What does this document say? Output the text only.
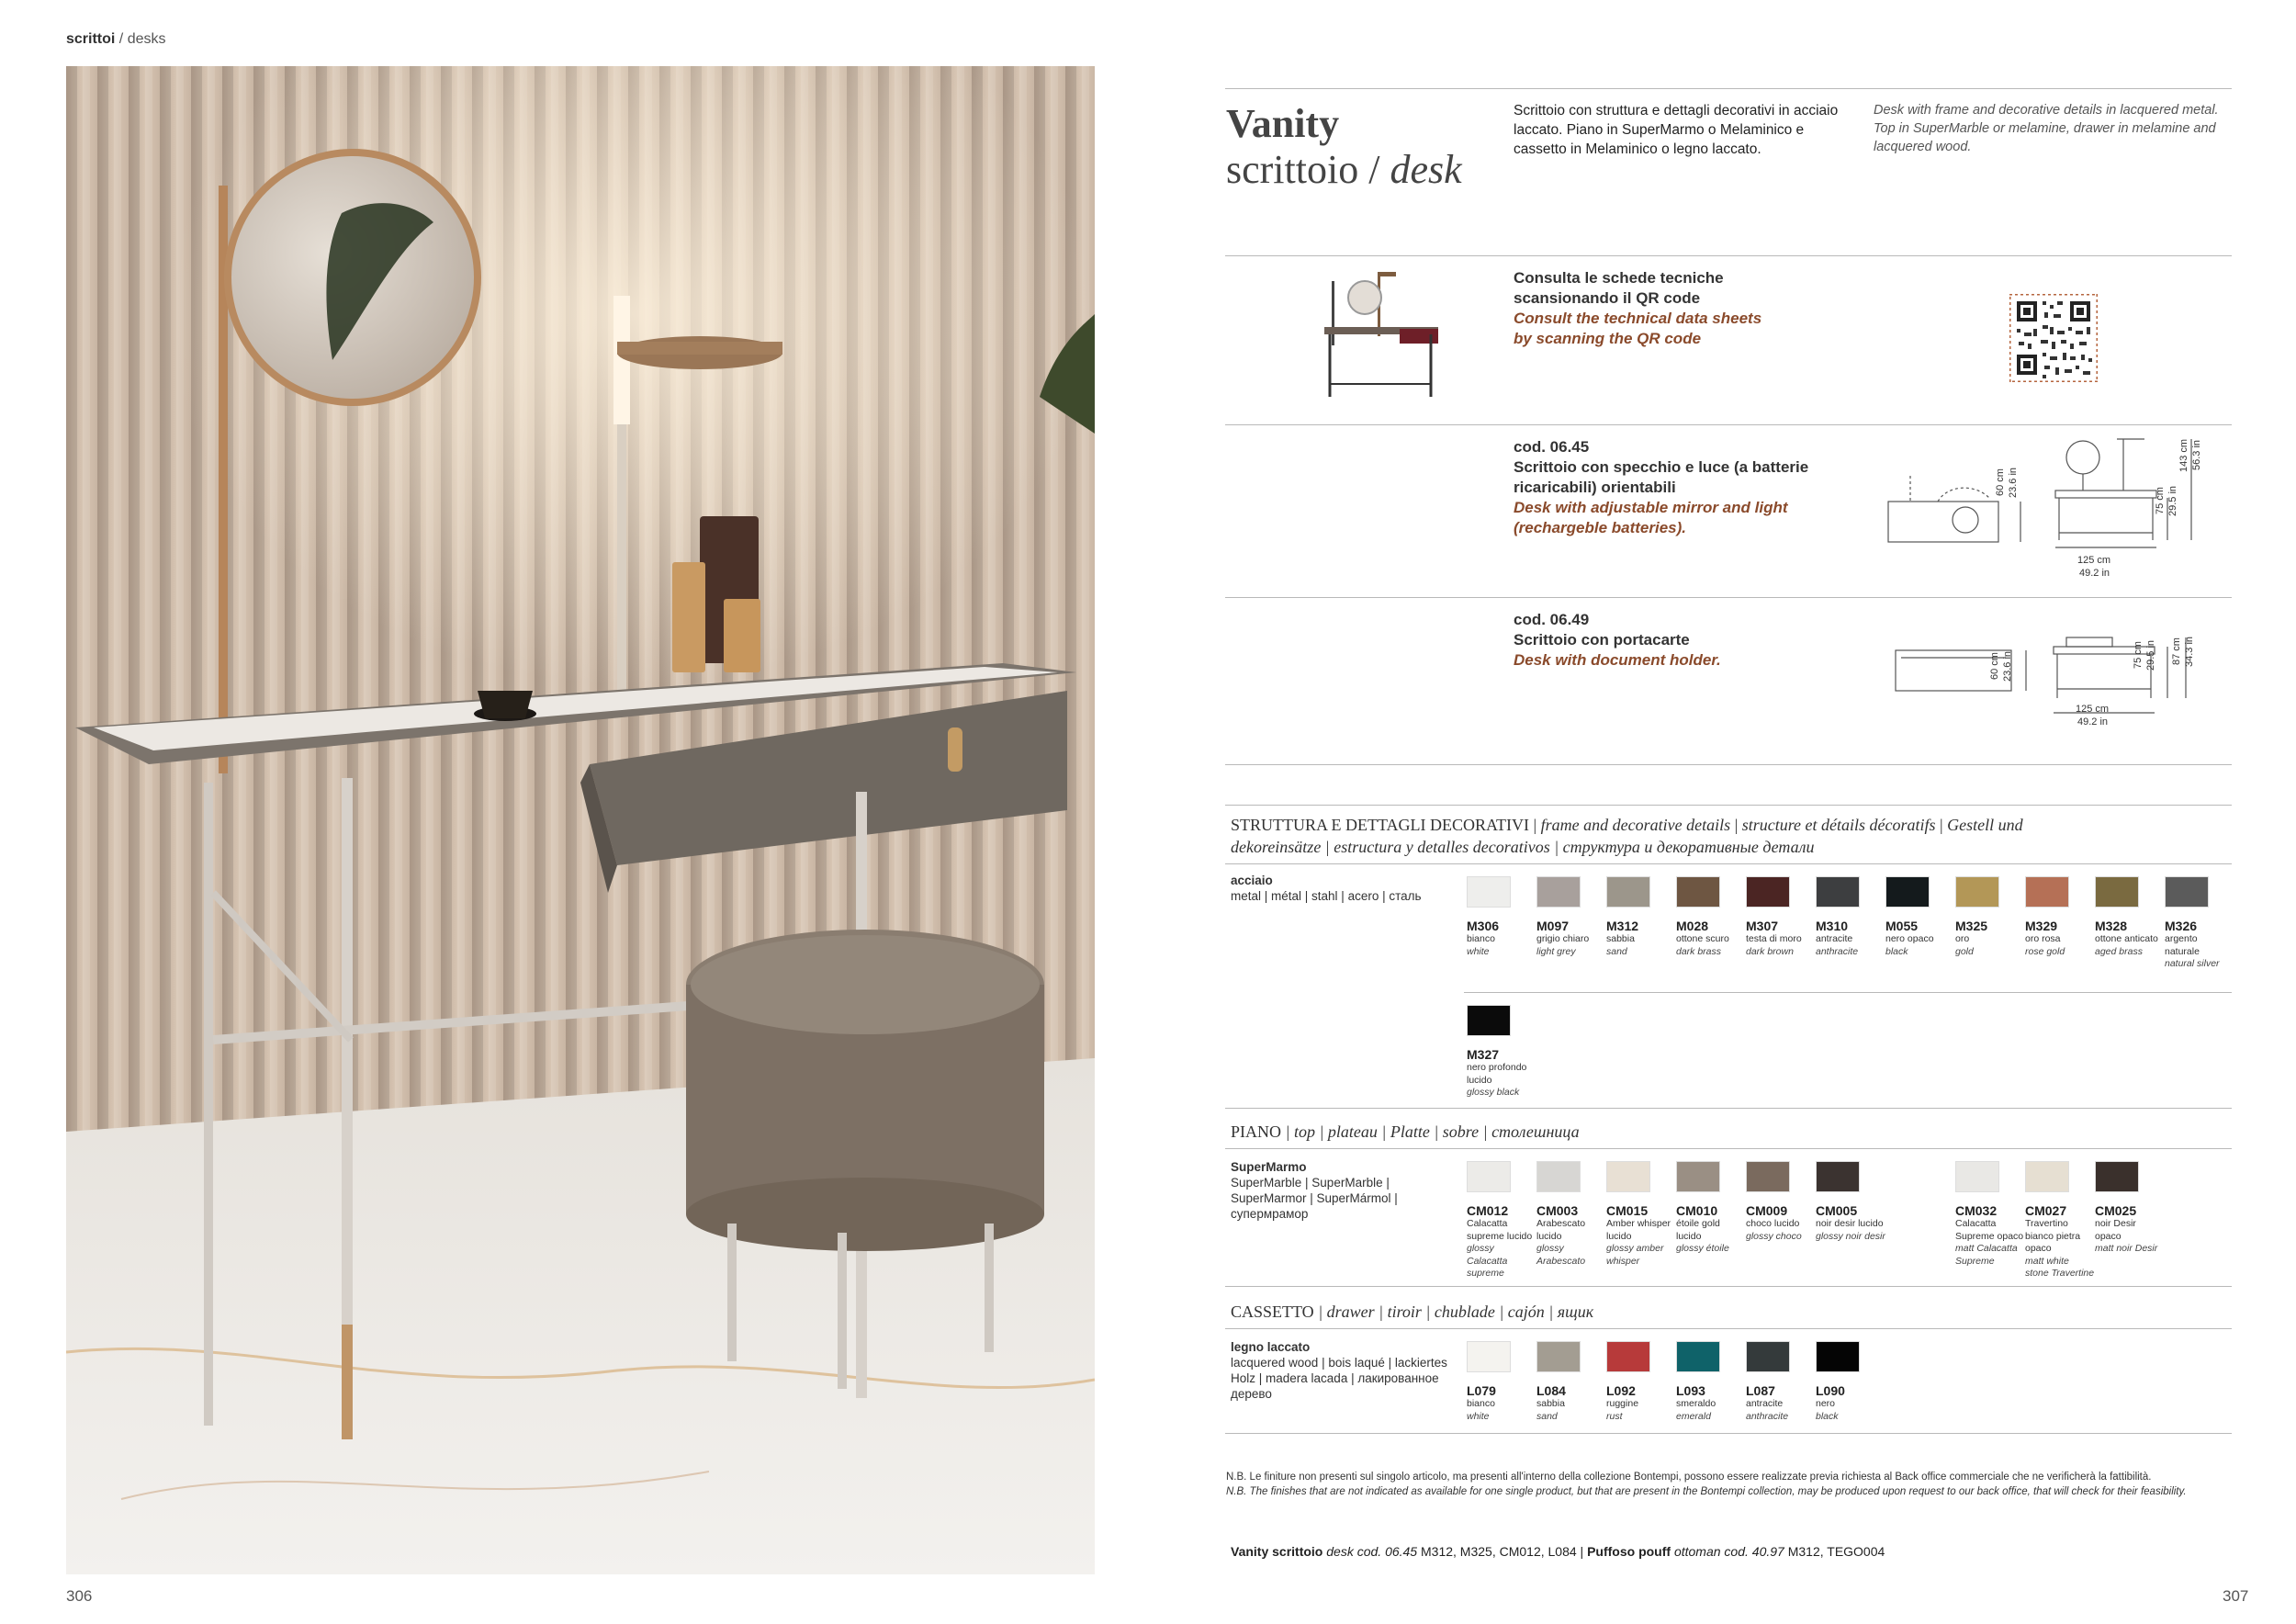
scrittoi / desks
306	307
Vanity
scrittoio / desk
Scrittoio con struttura e dettagli decorativi in acciaio laccato. Piano in SuperMarmo o Melaminico e cassetto in Melaminico o legno laccato.
Desk with frame and decorative details in lacquered metal. Top in SuperMarble or melamine, drawer in melamine and lacquered wood.
Consulta le schede tecniche
scansionando il QR code
Consult the technical data sheets
by scanning the QR code
cod. 06.45
Scrittoio con specchio e luce (a batterie
ricaricabili) orientabili
Desk with adjustable mirror and light
(rechargeble batteries).
60 cm 23.6 in
75 cm 29.5 in
143 cm 56.3 in
125 cm
49.2 in
cod. 06.49
Scrittoio con portacarte
Desk with document holder.	60 cm 23.6 in	75 cm 29.5 in 87 cm 34.3 in
125 cm
49.2 in
STRUTTURA E DETTAGLI DECORATIVI | frame and decorative details | structure et détails décoratifs | Gestell und
dekoreinsätze | estructura y detalles decorativos | структура и декоративные детали
acciaio
metal | métal | stahl | acero | сталь
M306
bianco
white
M097
grigio chiaro
light grey
M312
sabbia
sand
M028
ottone scuro
dark brass
M307
testa di moro
dark brown
M310
antracite
anthracite
M055
nero opaco
black
M325
oro
gold
M329
oro rosa
rose gold
M328
ottone anticato
aged brass
M326
argento naturale
natural silver
M327
nero profondo lucido
glossy black
PIANO | top | plateau | Platte | sobre | столешница
SuperMarmo
SuperMarble | SuperMarble |
SuperMarmor | SuperMármol |
супермрамор	CM012
Calacatta supreme lucido
glossy Calacatta supreme
CM003
Arabescato lucido
glossy Arabescato
CM015
Amber whisper lucido
glossy amber whisper
CM010
étoile gold lucido
glossy étoile
CM009
choco lucido
glossy choco
CM005
noir desir lucido
glossy noir desir
CM032
Calacatta Supreme opaco
matt Calacatta Supreme
CM027
Travertino bianco pietra opaco
matt white stone Travertine
CM025
noir Desir opaco
matt noir Desir
CASSETTO | drawer | tiroir | chublade | cajón | ящик
legno laccato
lacquered wood | bois laqué | lackiertes
Holz | madera lacada | лакированное
дерево	L079
bianco
white
L084
sabbia
sand
L092
ruggine
rust
L093
smeraldo
emerald
L087
antracite
anthracite
L090
nero
black
N.B. Le finiture non presenti sul singolo articolo, ma presenti all'interno della collezione Bontempi, possono essere realizzate previa richiesta al Back office commerciale che ne verificherà la fattibilità.
N.B. The finishes that are not indicated as available for one single product, but that are present in the Bontempi collection, may be produced upon request to our back office, that will check for their feasibility.
Vanity scrittoio desk cod. 06.45 M312, M325, CM012, L084 | Puffoso pouff ottoman cod. 40.97 M312, TEGO004
